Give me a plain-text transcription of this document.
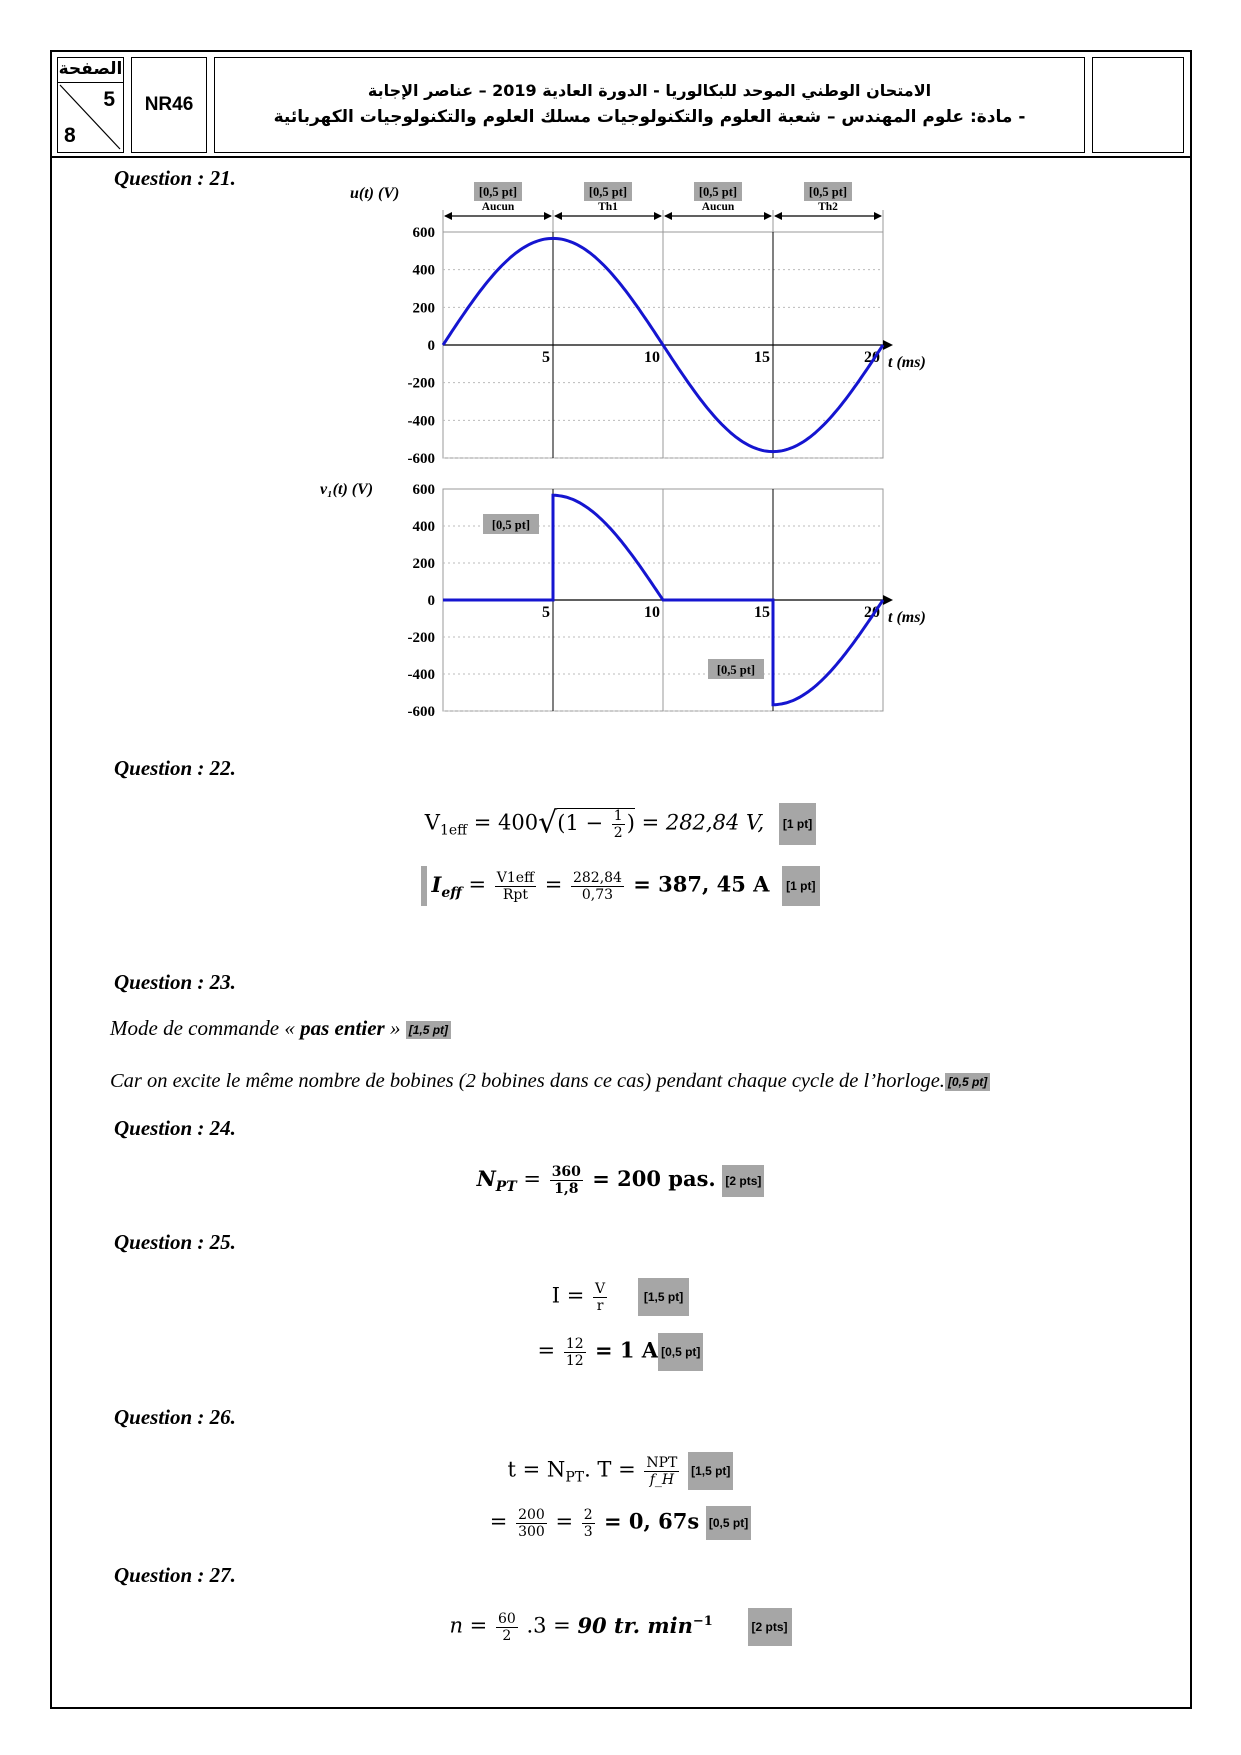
الصفحة
5
8
NR46
الامتحان الوطني الموحد للبكالوريا - الدورة العادية 2019 – عناصر الإجابة
- مادة: علوم المهندس – شعبة العلوم والتكنولوجيات مسلك العلوم والتكنولوجيات الكهربائية
Question : 21.
600
400
200
0
-200
-400
-600
5	10	15	20 t (ms)
u(t) (V)	[0,5 pt]
Aucun
[0,5 pt]
Th1
[0,5 pt]
Aucun
[0,5 pt]
Th2
600
400
200
0
-200
-400
-600
5	10	15	20 t (ms)
v₁(t) (V)
[0,5 pt]
[0,5 pt]
Question : 22.
$V_{1eff} = 400√(1 - \frac{1}{2}$ ) = 282,84 V, [1 pt]
$I_{eff} = \frac{\text{V1eff}}{\text{Rpt}} = \frac{282,84}{0,73} = 387$, 45 A [1 pt]
Question : 23.
Mode de commande « pas entier » [1,5 pt]
Car on excite le même nombre de bobines (2 bobines dans ce cas) pendant chaque cycle de l’horloge. [0,5 pt]
Question : 24.
$N_{PT} = \frac{360}{1,8} = 200$ pas. [2 pts]
Question : 25.
$I = \frac{V}{r}$	[1,5 pt]
= $\frac{12}{12} = 1$ A [0,5 pt]
Question : 26.
$t = N_{PT}$. $T = \frac{\text{NPT}}{f\_H} [1,5$ pt]
= $\frac{200}{300} = \frac{2}{3} = 0$, 67s [0,5 pt]
Question : 27.
$n = \frac{60}{2} .3 = 90$ tr. $\min^{-1}$	[2 pts]
